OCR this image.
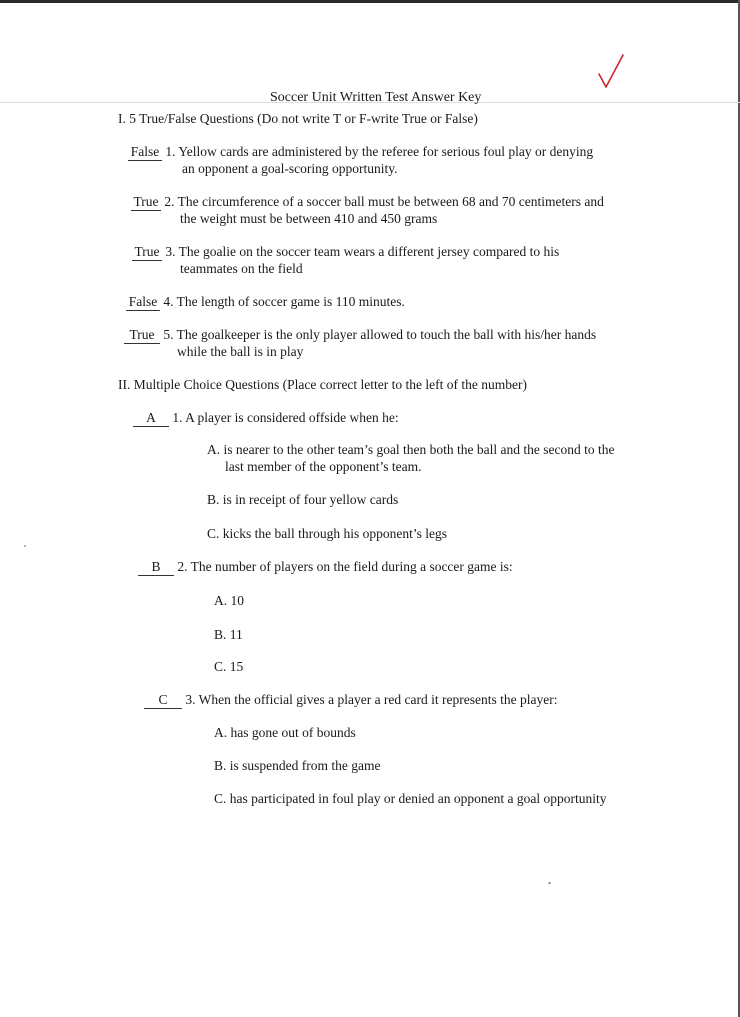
Soccer Unit Written Test Answer Key
I. 5 True/False Questions (Do not write T or F-write True or False)
False 1. Yellow cards are administered by the referee for serious foul play or denying
an opponent a goal-scoring opportunity.
True 2. The circumference of a soccer ball must be between 68 and 70 centimeters and
the weight must be between 410 and 450 grams
True 3. The goalie on the soccer team wears a different jersey compared to his
teammates on the field
False 4. The length of soccer game is 110 minutes.
True 5. The goalkeeper is the only player allowed to touch the ball with his/her hands
while the ball is in play
II. Multiple Choice Questions (Place correct letter to the left of the number)
A 1. A player is considered offside when he:
A. is nearer to the other team’s goal then both the ball and the second to the
last member of the opponent’s team.
B. is in receipt of four yellow cards
C. kicks the ball through his opponent’s legs
B 2. The number of players on the field during a soccer game is:
A. 10
B. 11
C. 15
C 3. When the official gives a player a red card it represents the player:
A. has gone out of bounds
B. is suspended from the game
C. has participated in foul play or denied an opponent a goal opportunity
